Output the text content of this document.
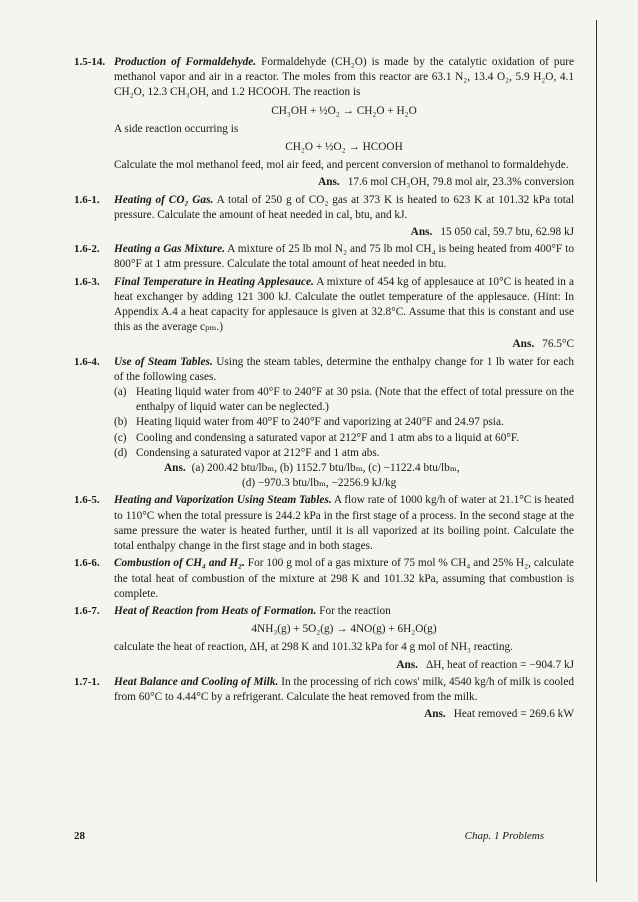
1.5-14. Production of Formaldehyde. Formaldehyde (CH₂O) is made by the catalytic oxidation of pure methanol vapor and air in a reactor. The moles from this reactor are 63.1 N₂, 13.4 O₂, 5.9 H₂O, 4.1 CH₂O, 12.3 CH₃OH, and 1.2 HCOOH. The reaction is

CH₃OH + ½O₂ → CH₂O + H₂O
A side reaction occurring is
CH₂O + ½O₂ → HCOOH

Calculate the mol methanol feed, mol air feed, and percent conversion of methanol to formaldehyde.

Ans. 17.6 mol CH₃OH, 79.8 mol air, 23.3% conversion
1.6-1. Heating of CO₂ Gas. A total of 250 g of CO₂ gas at 373 K is heated to 623 K at 101.32 kPa total pressure. Calculate the amount of heat needed in cal, btu, and kJ.

Ans. 15 050 cal, 59.7 btu, 62.98 kJ
1.6-2. Heating a Gas Mixture. A mixture of 25 lb mol N₂ and 75 lb mol CH₄ is being heated from 400°F to 800°F at 1 atm pressure. Calculate the total amount of heat needed in btu.

1.6-3. Final Temperature in Heating Applesauce. A mixture of 454 kg of applesauce at 10°C is heated in a heat exchanger by adding 121 300 kJ. Calculate the outlet temperature of the applesauce. (Hint: In Appendix A.4 a heat capacity for applesauce is given at 32.8°C. Assume that this is constant and use this as the average cₚₘ.)

Ans. 76.5°C
1.6-4. Use of Steam Tables. Using the steam tables, determine the enthalpy change for 1 lb water for each of the following cases.

(a) Heating liquid water from 40°F to 240°F at 30 psia. (Note that the effect of total pressure on the enthalpy of liquid water can be neglected.)
(b) Heating liquid water from 40°F to 240°F and vaporizing at 240°F and 24.97 psia.
(c) Cooling and condensing a saturated vapor at 212°F and 1 atm abs to a liquid at 60°F.
(d) Condensing a saturated vapor at 212°F and 1 atm abs.
Ans. (a) 200.42 btu/lbₘ, (b) 1152.7 btu/lbₘ, (c) −1122.4 btu/lbₘ,
(d) −970.3 btu/lbₘ, −2256.9 kJ/kg
1.6-5. Heating and Vaporization Using Steam Tables. A flow rate of 1000 kg/h of water at 21.1°C is heated to 110°C when the total pressure is 244.2 kPa in the first stage of a process. In the second stage at the same pressure the water is heated further, until it is all vaporized at its boiling point. Calculate the total enthalpy change in the first stage and in both stages.

1.6-6. Combustion of CH₄ and H₂. For 100 g mol of a gas mixture of 75 mol % CH₄ and 25% H₂, calculate the total heat of combustion of the mixture at 298 K and 101.32 kPa, assuming that combustion is complete.

1.6-7. Heat of Reaction from Heats of Formation. For the reaction

4NH₃(g) + 5O₂(g) → 4NO(g) + 6H₂O(g)

calculate the heat of reaction, ΔH, at 298 K and 101.32 kPa for 4 g mol of NH₃ reacting.

Ans. ΔH, heat of reaction = −904.7 kJ
1.7-1. Heat Balance and Cooling of Milk. In the processing of rich cows' milk, 4540 kg/h of milk is cooled from 60°C to 4.44°C by a refrigerant. Calculate the heat removed from the milk.

Ans. Heat removed = 269.6 kW
28	Chap. 1 Problems
